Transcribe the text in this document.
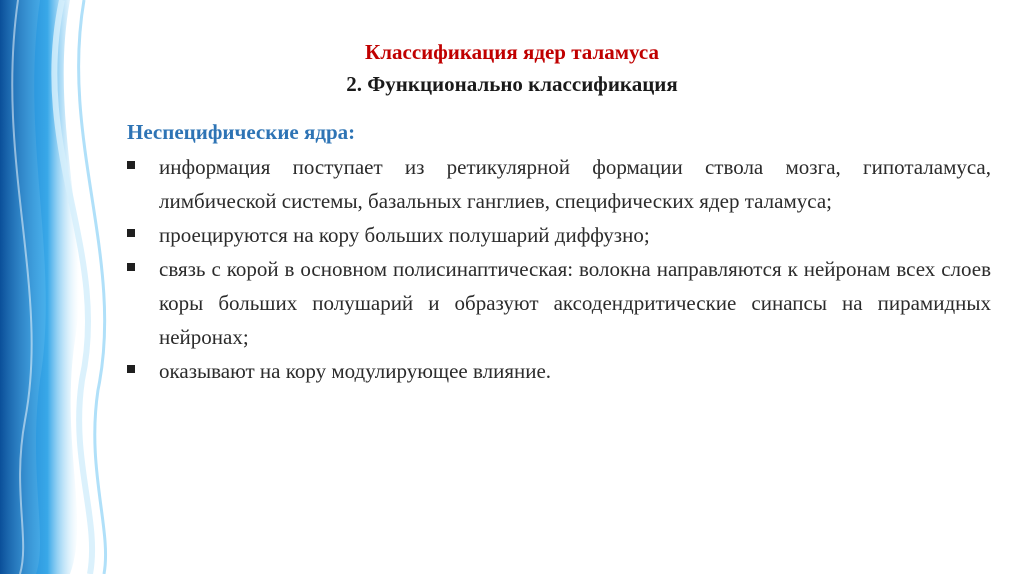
Классификация ядер таламуса
2. Функционально классификация
Неспецифические ядра:
информация поступает из ретикулярной формации ствола мозга, гипоталамуса, лимбической системы, базальных ганглиев, специфических ядер таламуса;
проецируются на кору больших полушарий диффузно;
связь с корой в основном полисинаптическая: волокна направляются к нейронам всех слоев коры больших полушарий и образуют аксодендритические синапсы на пирамидных нейронах;
оказывают на кору модулирующее влияние.
